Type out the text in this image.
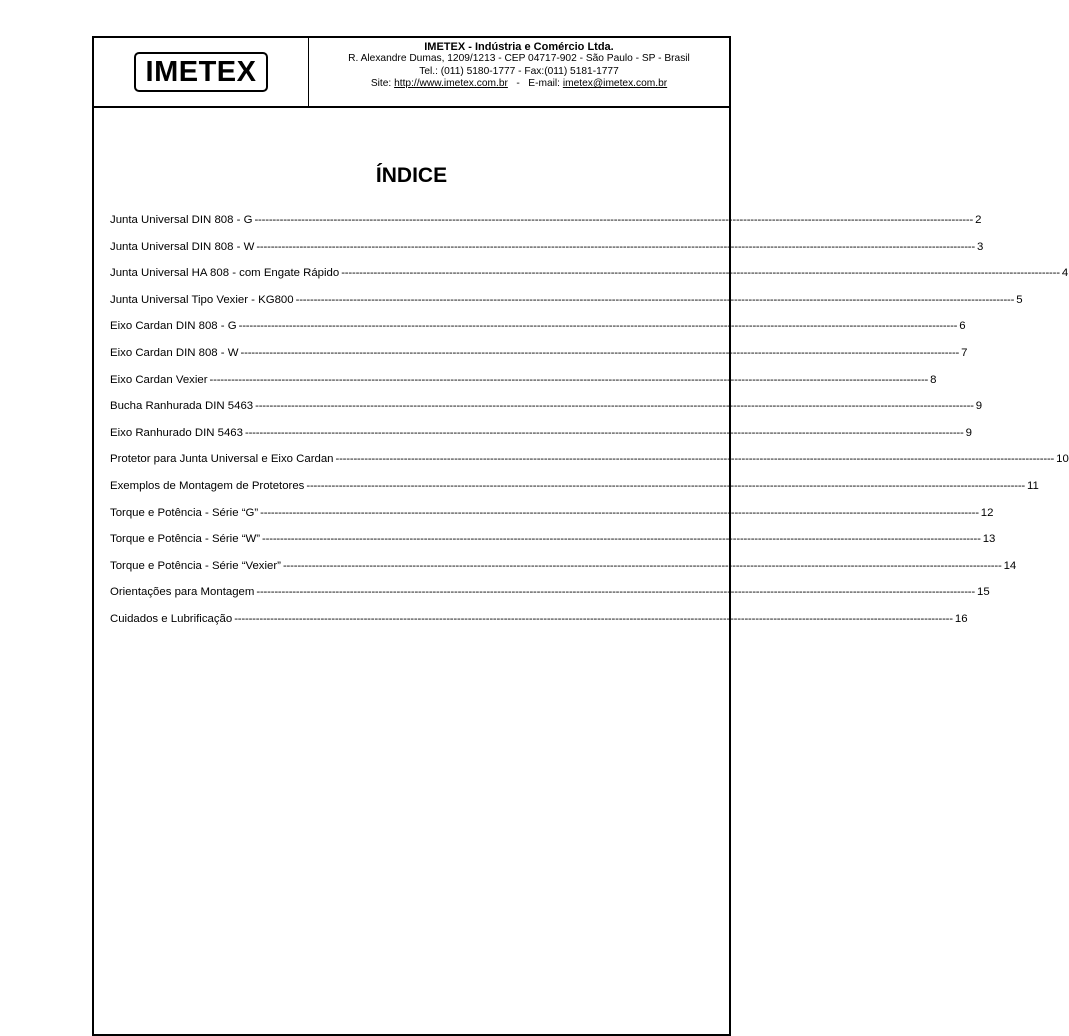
IMETEX
IMETEX - Indústria e Comércio Ltda.
R. Alexandre Dumas, 1209/1213 - CEP 04717-902 - São Paulo - SP - Brasil
Tel.: (011) 5180-1777 - Fax:(011) 5181-1777
Site: http://www.imetex.com.br - E-mail: imetex@imetex.com.br
ÍNDICE
Junta Universal DIN 808 - G -------------------------------------------------------------------------------------------------------------------------------------------------------------------------------------------------------- 2
Junta Universal DIN 808 - W -------------------------------------------------------------------------------------------------------------------------------------------------------------------------------------------------------- 3
Junta Universal HA 808 - com Engate Rápido -------------------------------------------------------------------------------------------------------------------------------------------------------------------------------------------------------- 4
Junta Universal Tipo Vexier - KG800 -------------------------------------------------------------------------------------------------------------------------------------------------------------------------------------------------------- 5
Eixo Cardan DIN 808 - G -------------------------------------------------------------------------------------------------------------------------------------------------------------------------------------------------------- 6
Eixo Cardan DIN 808 - W -------------------------------------------------------------------------------------------------------------------------------------------------------------------------------------------------------- 7
Eixo Cardan Vexier -------------------------------------------------------------------------------------------------------------------------------------------------------------------------------------------------------- 8
Bucha Ranhurada DIN 5463 -------------------------------------------------------------------------------------------------------------------------------------------------------------------------------------------------------- 9
Eixo Ranhurado DIN 5463 -------------------------------------------------------------------------------------------------------------------------------------------------------------------------------------------------------- 9
Protetor para Junta Universal e Eixo Cardan -------------------------------------------------------------------------------------------------------------------------------------------------------------------------------------------------------- 10
Exemplos de Montagem de Protetores -------------------------------------------------------------------------------------------------------------------------------------------------------------------------------------------------------- 11
Torque e Potência - Série “G” -------------------------------------------------------------------------------------------------------------------------------------------------------------------------------------------------------- 12
Torque e Potência - Série “W” -------------------------------------------------------------------------------------------------------------------------------------------------------------------------------------------------------- 13
Torque e Potência - Série “Vexier” -------------------------------------------------------------------------------------------------------------------------------------------------------------------------------------------------------- 14
Orientações para Montagem -------------------------------------------------------------------------------------------------------------------------------------------------------------------------------------------------------- 15
Cuidados e Lubrificação -------------------------------------------------------------------------------------------------------------------------------------------------------------------------------------------------------- 16
